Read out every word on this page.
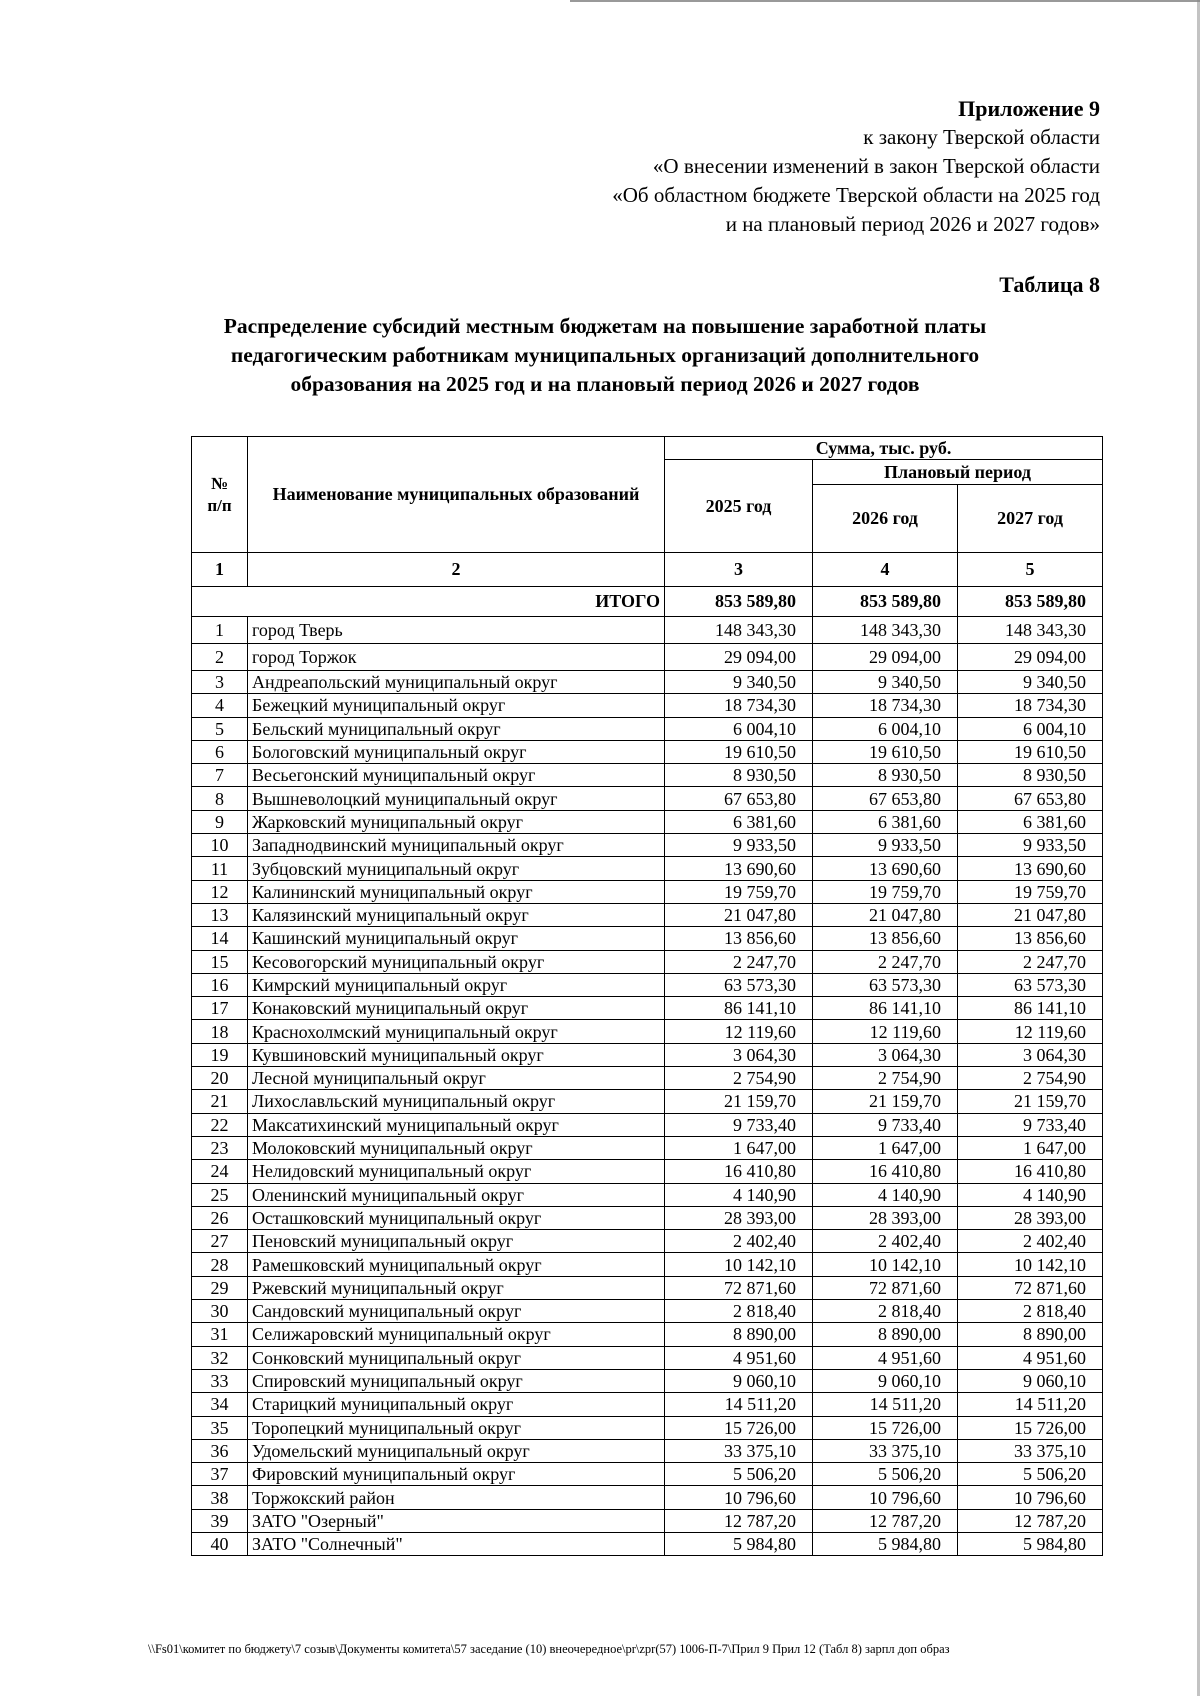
Приложение 9
к закону Тверской области
«О внесении изменений в закон Тверской области
«Об областном бюджете Тверской области на 2025 год
и на плановый период 2026 и 2027 годов»
Таблица 8
Распределение субсидий местным бюджетам на повышение заработной платы
педагогическим работникам муниципальных организаций дополнительного
образования на 2025 год и на плановый период 2026 и 2027 годов
№ п/п	Наименование муниципальных образований	Сумма, тыс. руб.		
		2025 год	Плановый период	
			2026 год	2027 год
1	2	3	4	5
ИТОГО		853 589,80	853 589,80	853 589,80
1	город Тверь	148 343,30	148 343,30	148 343,30
2	город Торжок	29 094,00	29 094,00	29 094,00
3	Андреапольский муниципальный округ	9 340,50	9 340,50	9 340,50
4	Бежецкий муниципальный округ	18 734,30	18 734,30	18 734,30
5	Бельский муниципальный округ	6 004,10	6 004,10	6 004,10
6	Бологовский муниципальный округ	19 610,50	19 610,50	19 610,50
7	Весьегонский муниципальный округ	8 930,50	8 930,50	8 930,50
8	Вышневолоцкий муниципальный округ	67 653,80	67 653,80	67 653,80
9	Жарковский муниципальный округ	6 381,60	6 381,60	6 381,60
10	Западнодвинский муниципальный округ	9 933,50	9 933,50	9 933,50
11	Зубцовский муниципальный округ	13 690,60	13 690,60	13 690,60
12	Калининский муниципальный округ	19 759,70	19 759,70	19 759,70
13	Калязинский муниципальный округ	21 047,80	21 047,80	21 047,80
14	Кашинский муниципальный округ	13 856,60	13 856,60	13 856,60
15	Кесовогорский муниципальный округ	2 247,70	2 247,70	2 247,70
16	Кимрский муниципальный округ	63 573,30	63 573,30	63 573,30
17	Конаковский муниципальный округ	86 141,10	86 141,10	86 141,10
18	Краснохолмский муниципальный округ	12 119,60	12 119,60	12 119,60
19	Кувшиновский муниципальный округ	3 064,30	3 064,30	3 064,30
20	Лесной муниципальный округ	2 754,90	2 754,90	2 754,90
21	Лихославльский муниципальный округ	21 159,70	21 159,70	21 159,70
22	Максатихинский муниципальный округ	9 733,40	9 733,40	9 733,40
23	Молоковский муниципальный округ	1 647,00	1 647,00	1 647,00
24	Нелидовский муниципальный округ	16 410,80	16 410,80	16 410,80
25	Оленинский муниципальный округ	4 140,90	4 140,90	4 140,90
26	Осташковский муниципальный округ	28 393,00	28 393,00	28 393,00
27	Пеновский муниципальный округ	2 402,40	2 402,40	2 402,40
28	Рамешковский муниципальный округ	10 142,10	10 142,10	10 142,10
29	Ржевский муниципальный округ	72 871,60	72 871,60	72 871,60
30	Сандовский муниципальный округ	2 818,40	2 818,40	2 818,40
31	Селижаровский муниципальный округ	8 890,00	8 890,00	8 890,00
32	Сонковский муниципальный округ	4 951,60	4 951,60	4 951,60
33	Спировский муниципальный округ	9 060,10	9 060,10	9 060,10
34	Старицкий муниципальный округ	14 511,20	14 511,20	14 511,20
35	Торопецкий муниципальный округ	15 726,00	15 726,00	15 726,00
36	Удомельский муниципальный округ	33 375,10	33 375,10	33 375,10
37	Фировский муниципальный округ	5 506,20	5 506,20	5 506,20
38	Торжокский район	10 796,60	10 796,60	10 796,60
39	ЗАТО "Озерный"	12 787,20	12 787,20	12 787,20
40	ЗАТО "Солнечный"	5 984,80	5 984,80	5 984,80
\\Fs01\комитет по бюджету\7 созыв\Документы комитета\57 заседание (10) внеочередное\pr\zpr(57) 1006-П-7\Прил 9 Прил 12 (Табл 8) зарпл доп образ
